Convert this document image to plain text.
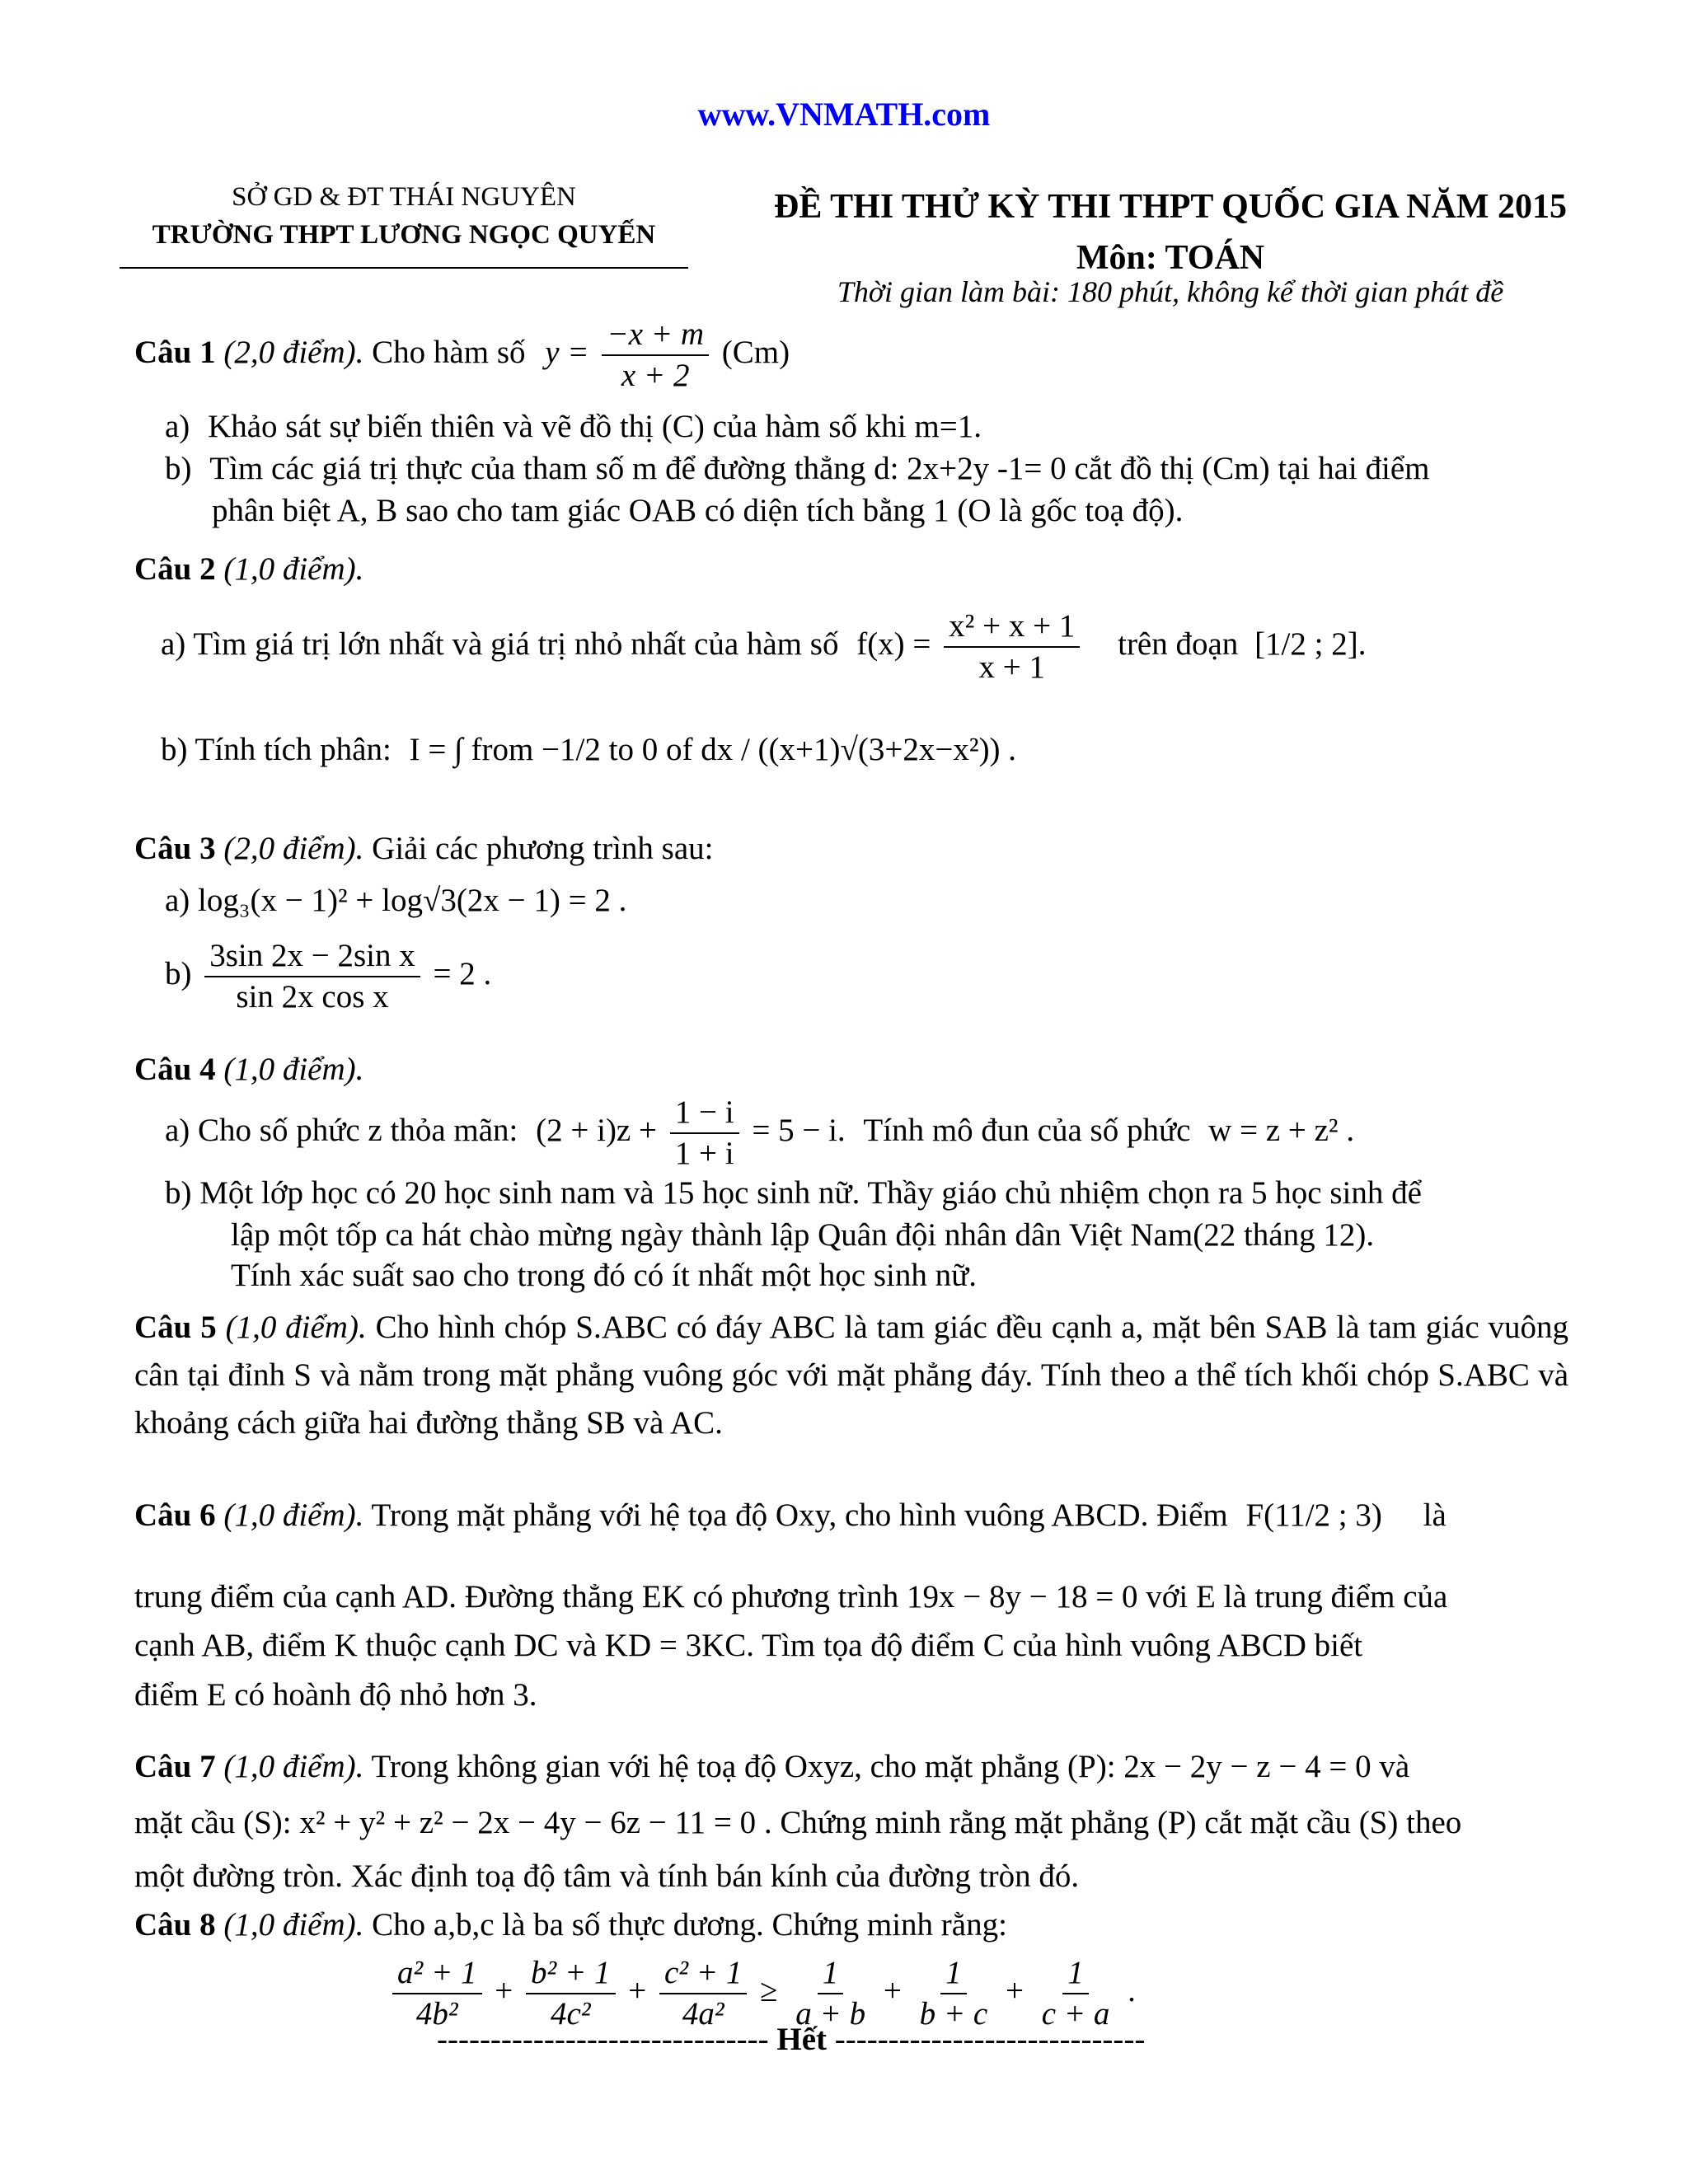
www.VNMATH.com
SỞ GD & ĐT THÁI NGUYÊN
TRƯỜNG THPT LƯƠNG NGỌC QUYẾN
ĐỀ THI THỬ KỲ THI THPT QUỐC GIA NĂM 2015
Môn: TOÁN
Thời gian làm bài: 180 phút, không kể thời gian phát đề
Câu 1 (2,0 điểm). Cho hàm số $y = \frac{-x + m}{x + 2} (Cm)$
a) Khảo sát sự biến thiên và vẽ đồ thị (C) của hàm số khi m=1.
b) Tìm các giá trị thực của tham số m để đường thẳng d: 2x+2y -1= 0 cắt đồ thị (Cm) tại hai điểm
phân biệt A, B sao cho tam giác OAB có diện tích bằng 1 (O là gốc toạ độ).
Câu 2 (1,0 điểm).
a) Tìm giá trị lớn nhất và giá trị nhỏ nhất của hàm số $f(x) = \frac{\text{x² + x + 1}}{x + 1}$ trên đoạn [1/2 ; 2].
b) Tính tích phân: I = ∫ from −1/2 to 0 of dx / ((x+1)√(3+2x−x²)) .
Câu 3 (2,0 điểm). Giải các phương trình sau:
a) log₃(x − 1)² + log√3(2x − 1) = 2 .
$b) \frac{\text{3sin 2x − 2sin x}}{\text{sin 2x cos x}} = 2$ .
Câu 4 (1,0 điểm).
a) Cho số phức z thỏa mãn: $(2 + i)z + \frac{1 - i}{1 + i} = 5 - i$. Tính mô đun của số phức w = z + z² .
b) Một lớp học có 20 học sinh nam và 15 học sinh nữ. Thầy giáo chủ nhiệm chọn ra 5 học sinh để
lập một tốp ca hát chào mừng ngày thành lập Quân đội nhân dân Việt Nam(22 tháng 12).
Tính xác suất sao cho trong đó có ít nhất một học sinh nữ.
Câu 5 (1,0 điểm). Cho hình chóp S.ABC có đáy ABC là tam giác đều cạnh a, mặt bên SAB là tam giác vuông cân tại đỉnh S và nằm trong mặt phẳng vuông góc với mặt phẳng đáy. Tính theo a thể tích khối chóp S.ABC và khoảng cách giữa hai đường thẳng SB và AC.
Câu 6 (1,0 điểm). Trong mặt phẳng với hệ tọa độ Oxy, cho hình vuông ABCD. Điểm F(11/2 ; 3) là
trung điểm của cạnh AD. Đường thẳng EK có phương trình 19x − 8y − 18 = 0 với E là trung điểm của
cạnh AB, điểm K thuộc cạnh DC và KD = 3KC. Tìm tọa độ điểm C của hình vuông ABCD biết
điểm E có hoành độ nhỏ hơn 3.
Câu 7 (1,0 điểm). Trong không gian với hệ toạ độ Oxyz, cho mặt phẳng (P): 2x − 2y − z − 4 = 0 và
mặt cầu (S): x² + y² + z² − 2x − 4y − 6z − 11 = 0 . Chứng minh rằng mặt phẳng (P) cắt mặt cầu (S) theo
một đường tròn. Xác định toạ độ tâm và tính bán kính của đường tròn đó.
Câu 8 (1,0 điểm). Cho a,b,c là ba số thực dương. Chứng minh rằng:
$\frac{\text{a² + 1}}{\text{4b²}} + \frac{\text{b² + 1}}{\text{4c²}} + \frac{\text{c² + 1}}{\text{4a²}} \ge \frac{1}{a + b} + \frac{1}{b + c} + \frac{1}{c + a}$ .
------------------------------- Hết -----------------------------
